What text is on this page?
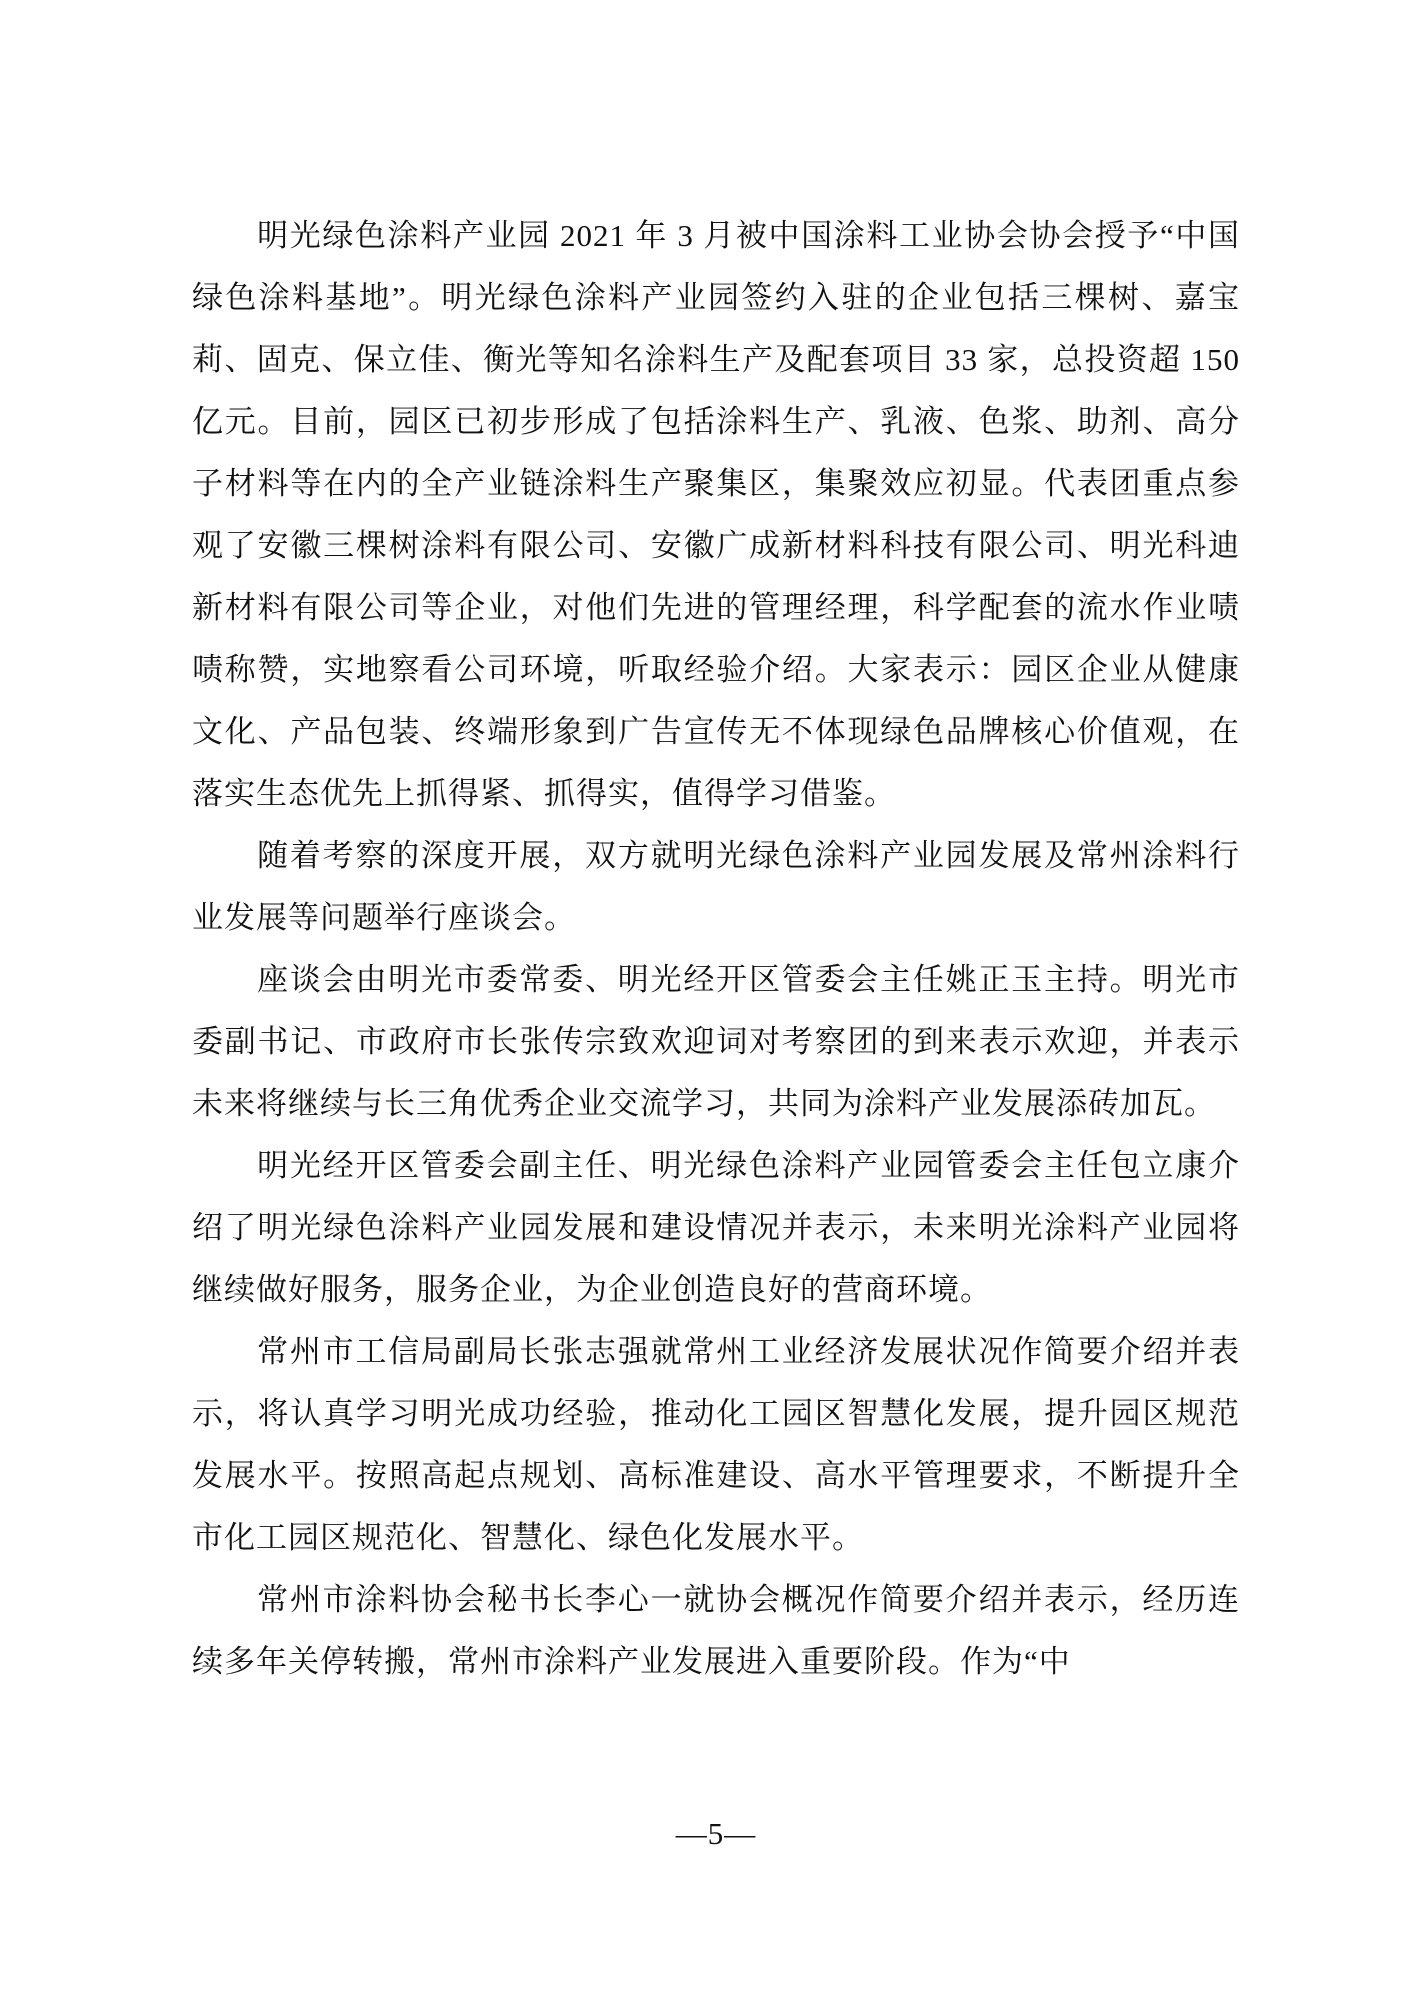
明光绿色涂料产业园 2021 年 3 月被中国涂料工业协会协会授予“中国绿色涂料基地”。明光绿色涂料产业园签约入驻的企业包括三棵树、嘉宝莉、固克、保立佳、衡光等知名涂料生产及配套项目 33 家，总投资超 150 亿元。目前，园区已初步形成了包括涂料生产、乳液、色浆、助剂、高分子材料等在内的全产业链涂料生产聚集区，集聚效应初显。代表团重点参观了安徽三棵树涂料有限公司、安徽广成新材料科技有限公司、明光科迪新材料有限公司等企业，对他们先进的管理经理，科学配套的流水作业啧啧称赞，实地察看公司环境，听取经验介绍。大家表示：园区企业从健康文化、产品包装、终端形象到广告宣传无不体现绿色品牌核心价值观，在落实生态优先上抓得紧、抓得实，值得学习借鉴。

随着考察的深度开展，双方就明光绿色涂料产业园发展及常州涂料行业发展等问题举行座谈会。

座谈会由明光市委常委、明光经开区管委会主任姚正玉主持。明光市委副书记、市政府市长张传宗致欢迎词对考察团的到来表示欢迎，并表示未来将继续与长三角优秀企业交流学习，共同为涂料产业发展添砖加瓦。

明光经开区管委会副主任、明光绿色涂料产业园管委会主任包立康介绍了明光绿色涂料产业园发展和建设情况并表示，未来明光涂料产业园将继续做好服务，服务企业，为企业创造良好的营商环境。

常州市工信局副局长张志强就常州工业经济发展状况作简要介绍并表示，将认真学习明光成功经验，推动化工园区智慧化发展，提升园区规范发展水平。按照高起点规划、高标准建设、高水平管理要求，不断提升全市化工园区规范化、智慧化、绿色化发展水平。

常州市涂料协会秘书长李心一就协会概况作简要介绍并表示，经历连续多年关停转搬，常州市涂料产业发展进入重要阶段。作为“中

—5—
